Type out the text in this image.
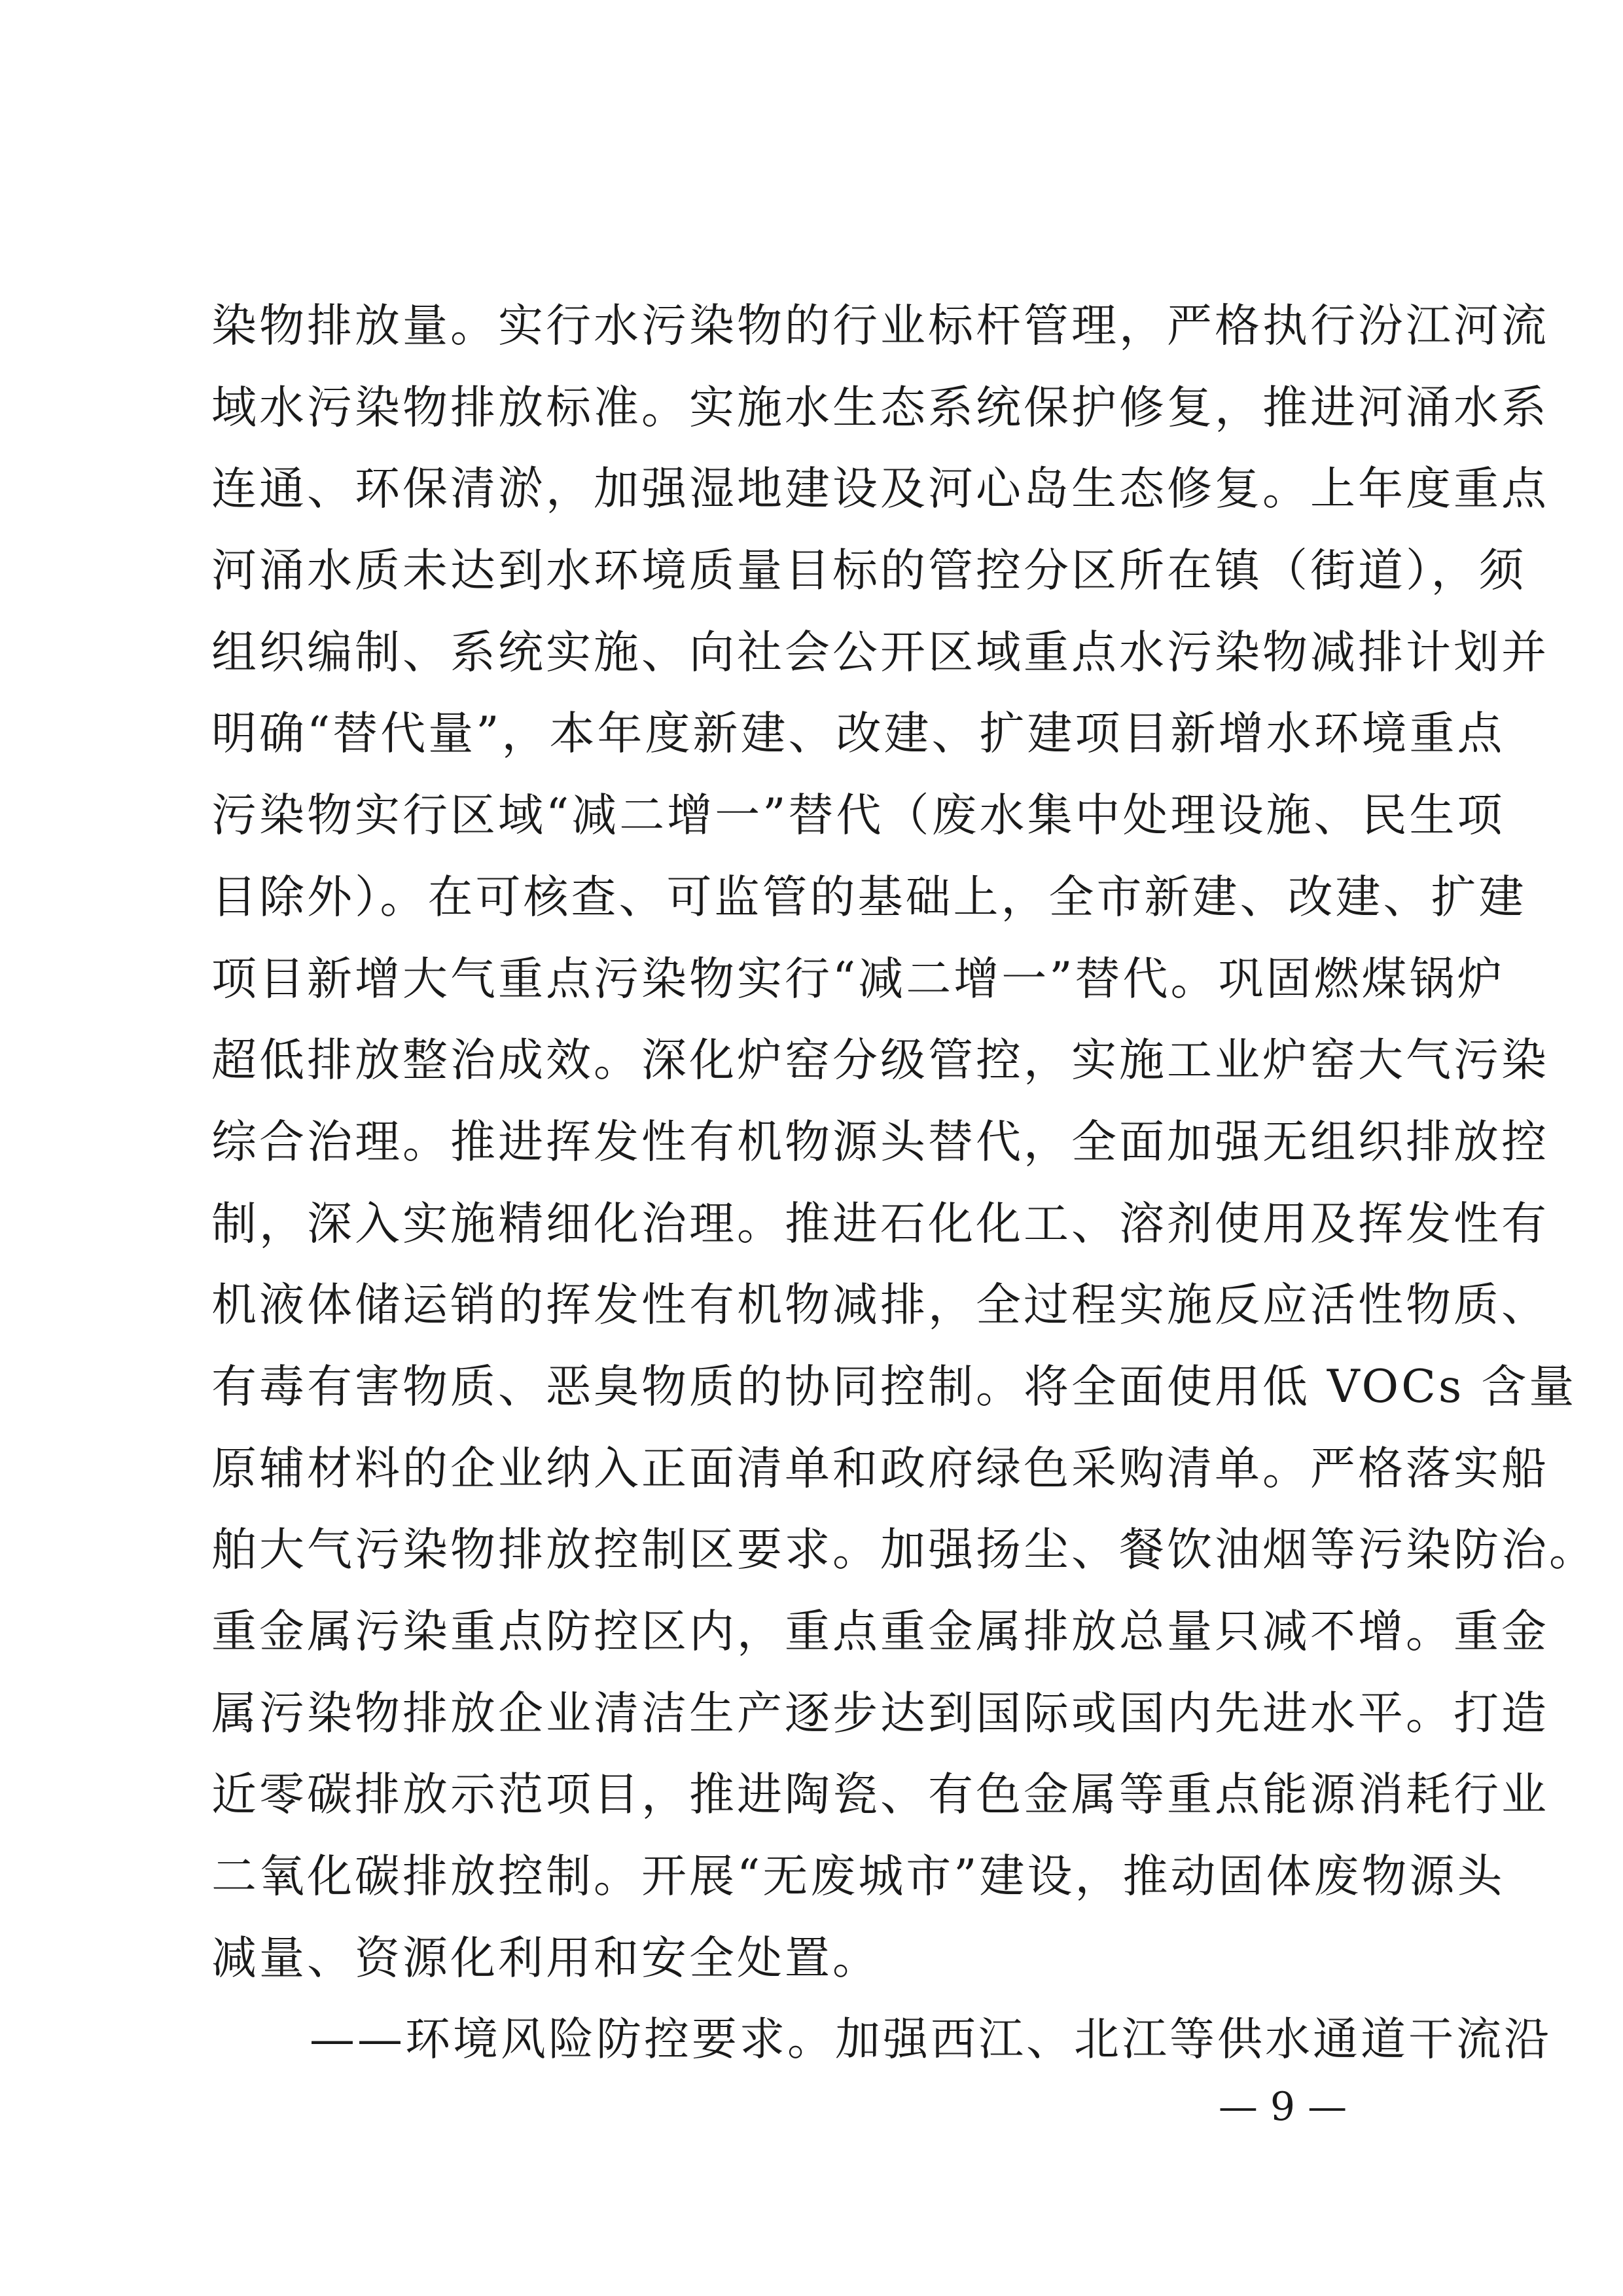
染物排放量。实行水污染物的行业标杆管理，严格执行汾江河流
域水污染物排放标准。实施水生态系统保护修复，推进河涌水系
连通、环保清淤，加强湿地建设及河心岛生态修复。上年度重点
河涌水质未达到水环境质量目标的管控分区所在镇（街道），须
组织编制、系统实施、向社会公开区域重点水污染物减排计划并
明确“替代量”，本年度新建、改建、扩建项目新增水环境重点
污染物实行区域“减二增一”替代（废水集中处理设施、民生项
目除外）。在可核查、可监管的基础上，全市新建、改建、扩建
项目新增大气重点污染物实行“减二增一”替代。巩固燃煤锅炉
超低排放整治成效。深化炉窑分级管控，实施工业炉窑大气污染
综合治理。推进挥发性有机物源头替代，全面加强无组织排放控
制，深入实施精细化治理。推进石化化工、溶剂使用及挥发性有
机液体储运销的挥发性有机物减排，全过程实施反应活性物质、
有毒有害物质、恶臭物质的协同控制。将全面使用低 VOCs 含量
原辅材料的企业纳入正面清单和政府绿色采购清单。严格落实船
舶大气污染物排放控制区要求。加强扬尘、餐饮油烟等污染防治。
重金属污染重点防控区内，重点重金属排放总量只减不增。重金
属污染物排放企业清洁生产逐步达到国际或国内先进水平。打造
近零碳排放示范项目，推进陶瓷、有色金属等重点能源消耗行业
二氧化碳排放控制。开展“无废城市”建设，推动固体废物源头
减量、资源化利用和安全处置。
——环境风险防控要求。加强西江、北江等供水通道干流沿
— 9 —
